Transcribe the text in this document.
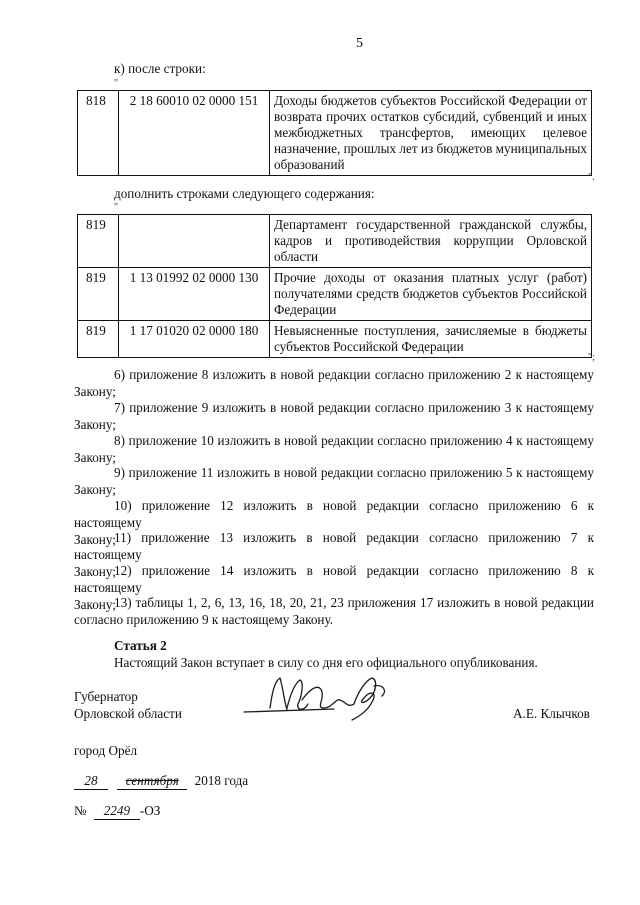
5
к) после строки:
"
818	2 18 60010 02 0000 151	Доходы бюджетов субъектов Российской Федерации от возврата прочих остатков субсидий, субвенций и иных межбюджетных трансфертов, имеющих целевое назначение, прошлых лет из бюджетов муниципальных образований
".
дополнить строками следующего содержания:
"
819		Департамент государственной гражданской службы, кадров и противодействия коррупции Орловской области
819	1 13 01992 02 0000 130	Прочие доходы от оказания платных услуг (работ) получателями средств бюджетов субъектов Российской Федерации
819	1 17 01020 02 0000 180	Невыясненные поступления, зачисляемые в бюджеты субъектов Российской Федерации
";
6) приложение 8 изложить в новой редакции согласно приложению 2 к настоящему
Закону;
7) приложение 9 изложить в новой редакции согласно приложению 3 к настоящему
Закону;
8) приложение 10 изложить в новой редакции согласно приложению 4 к настоящему
Закону;
9) приложение 11 изложить в новой редакции согласно приложению 5 к настоящему
Закону;
10) приложение 12 изложить в новой редакции согласно приложению 6 к настоящему
Закону;
11) приложение 13 изложить в новой редакции согласно приложению 7 к настоящему
Закону;
12) приложение 14 изложить в новой редакции согласно приложению 8 к настоящему
Закону;
13) таблицы 1, 2, 6, 13, 16, 18, 20, 21, 23 приложения 17 изложить в новой редакции
согласно приложению 9 к настоящему Закону.
Статья 2
Настоящий Закон вступает в силу со дня его официального опубликования.
Губернатор
Орловской области	А.Е. Клычков
город Орёл
28 сентября 2018 года
№ 2249 -ОЗ
